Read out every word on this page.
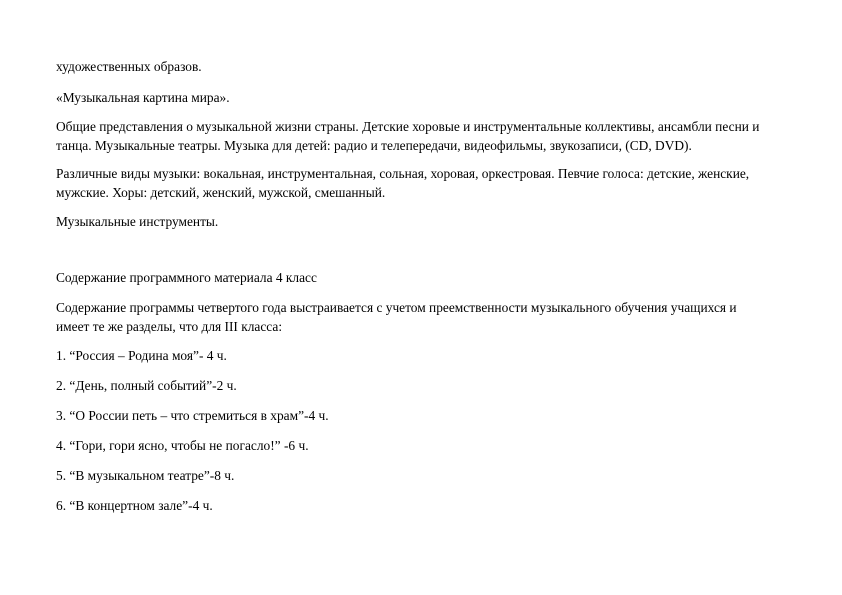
художественных образов.

«Музыкальная картина мира».

Общие представления о музыкальной жизни страны. Детские хоровые и инструментальные коллективы, ансамбли песни и

танца. Музыкальные театры. Музыка для детей: радио и телепередачи, видеофильмы, звукозаписи, (CD, DVD).

Различные виды музыки: вокальная, инструментальная, сольная, хоровая, оркестровая. Певчие голоса: детские, женские,

мужские. Хоры: детский, женский, мужской, смешанный.

Музыкальные инструменты.

Содержание программного материала 4 класс

Содержание программы четвертого года выстраивается с учетом преемственности музыкального обучения учащихся и

имеет те же разделы, что для III класса:

1. “Россия – Родина моя”- 4 ч.

2. “День, полный событий”-2 ч.

3. “О России петь – что стремиться в храм”-4 ч.

4. “Гори, гори ясно, чтобы не погасло!” -6 ч.

5. “В музыкальном театре”-8 ч.

6. “В концертном зале”-4 ч.
